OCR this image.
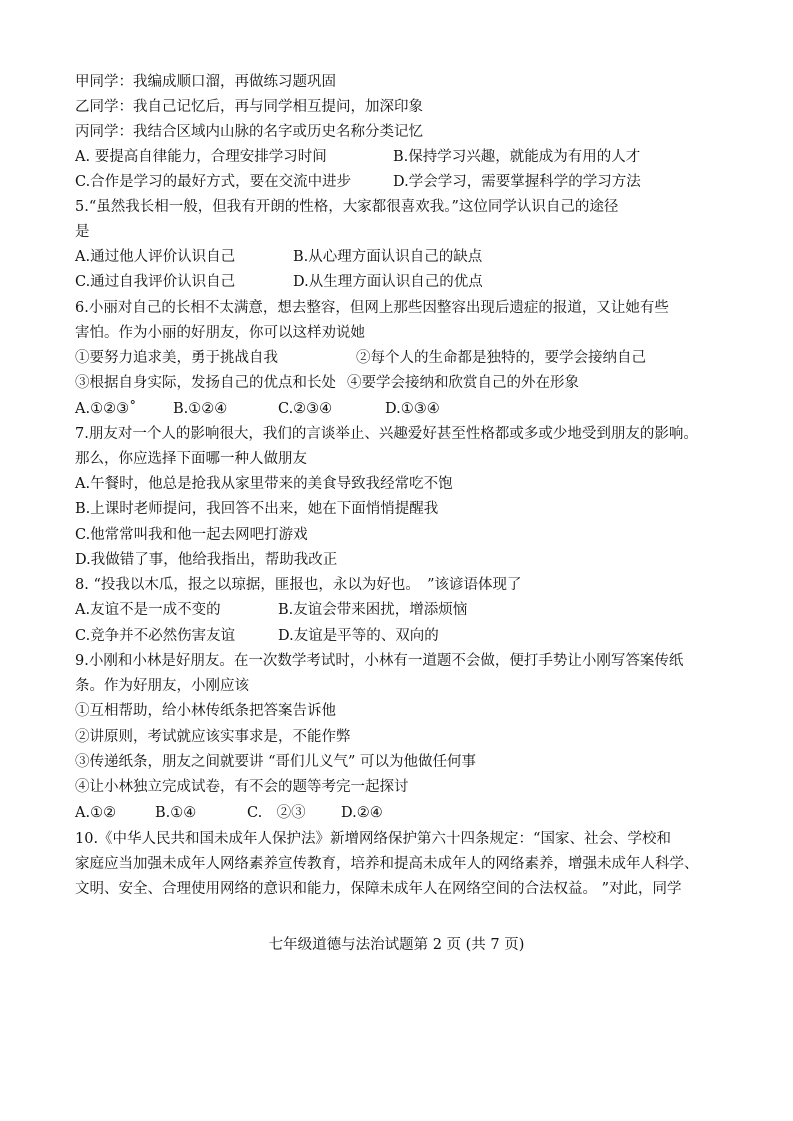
甲同学：我编成顺口溜，再做练习题巩固
乙同学：我自己记忆后，再与同学相互提问，加深印象
丙同学：我结合区域内山脉的名字或历史名称分类记忆
A. 要提高自律能力，合理安排学习时间	B.保持学习兴趣，就能成为有用的人才
C.合作是学习的最好方式，要在交流中进步	D.学会学习，需要掌握科学的学习方法
5.“虽然我长相一般，但我有开朗的性格，大家都很喜欢我。”这位同学认识自己的途径
是
A.通过他人评价认识自己	B.从心理方面认识自己的缺点
C.通过自我评价认识自己	D.从生理方面认识自己的优点
6.小丽对自己的长相不太满意，想去整容，但网上那些因整容出现后遗症的报道，又让她有些
害怕。作为小丽的好朋友，你可以这样劝说她
①要努力追求美，勇于挑战自我	②每个人的生命都是独特的，要学会接纳自己
③根据自身实际，发扬自己的优点和长处 ④要学会接纳和欣赏自己的外在形象
A.①②③˚	B.①②④	C.②③④	D.①③④
7.朋友对一个人的影响很大，我们的言谈举止、兴趣爱好甚至性格都或多或少地受到朋友的影响。
那么，你应选择下面哪一种人做朋友
A.午餐时，他总是抢我从家里带来的美食导致我经常吃不饱
B.上课时老师提问，我回答不出来，她在下面悄悄提醒我
C.他常常叫我和他一起去网吧打游戏
D.我做错了事，他给我指出，帮助我改正
8. “投我以木瓜，报之以琼据，匪报也，永以为好也。　”该谚语体现了
A.友谊不是一成不变的	B.友谊会带来困扰，增添烦恼
C.竞争并不必然伤害友谊	D.友谊是平等的、双向的
9.小刚和小林是好朋友。在一次数学考试时，小林有一道题不会做，便打手势让小刚写答案传纸
条。作为好朋友，小刚应该
①互相帮助，给小林传纸条把答案告诉他
②讲原则，考试就应该实事求是，不能作弊
③传递纸条，朋友之间就要讲 “哥们儿义气” 可以为他做任何事
④让小林独立完成试卷，有不会的题等考完一起探讨
A.①②	B.①④	C.　②③ D.②④
10.《中华人民共和国未成年人保护法》新增网络保护第六十四条规定：“国家、社会、学校和
家庭应当加强未成年人网络素养宣传教育，培养和提高未成年人的网络素养，增强未成年人科学、
文明、安全、合理使用网络的意识和能力，保障未成年人在网络空间的合法权益。 ”对此，同学
七年级道德与法治试题第 2 页 (共 7 页)
